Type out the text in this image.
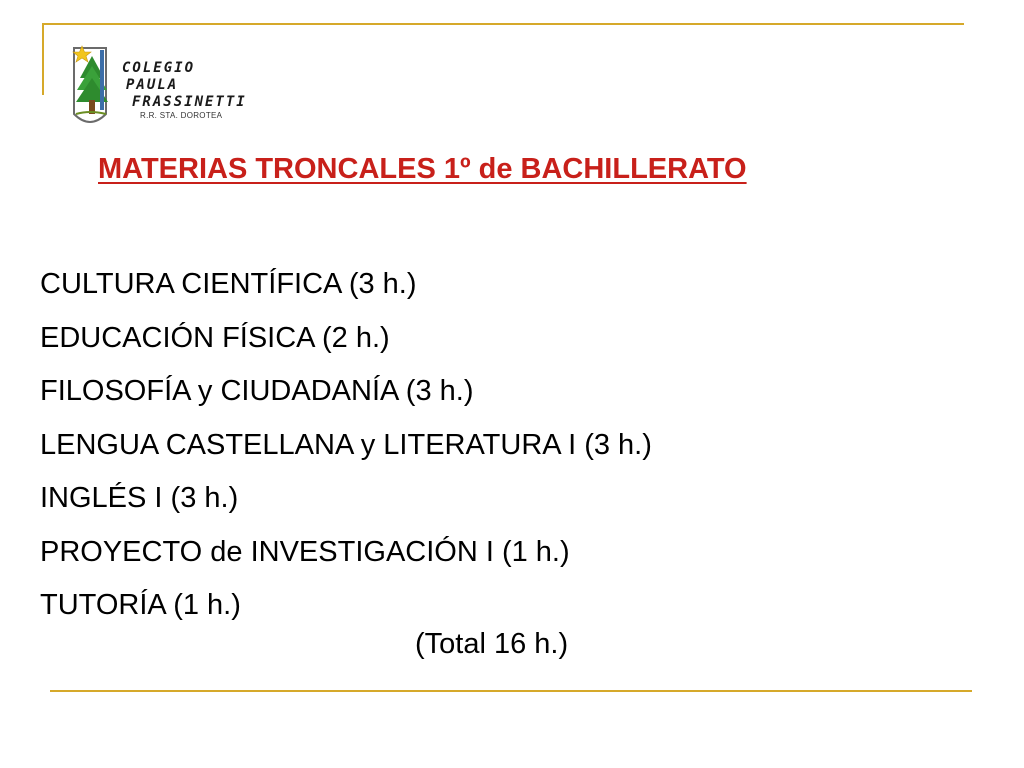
COLEGIO
PAULA
FRASSINETTI
R.R. STA. DOROTEA
MATERIAS TRONCALES 1º de BACHILLERATO
CULTURA CIENTÍFICA (3 h.)
EDUCACIÓN FÍSICA (2 h.)
FILOSOFÍA y CIUDADANÍA (3 h.)
LENGUA CASTELLANA y LITERATURA I (3 h.)
INGLÉS I (3 h.)
PROYECTO de INVESTIGACIÓN I (1 h.)
TUTORÍA (1 h.)
(Total 16 h.)
